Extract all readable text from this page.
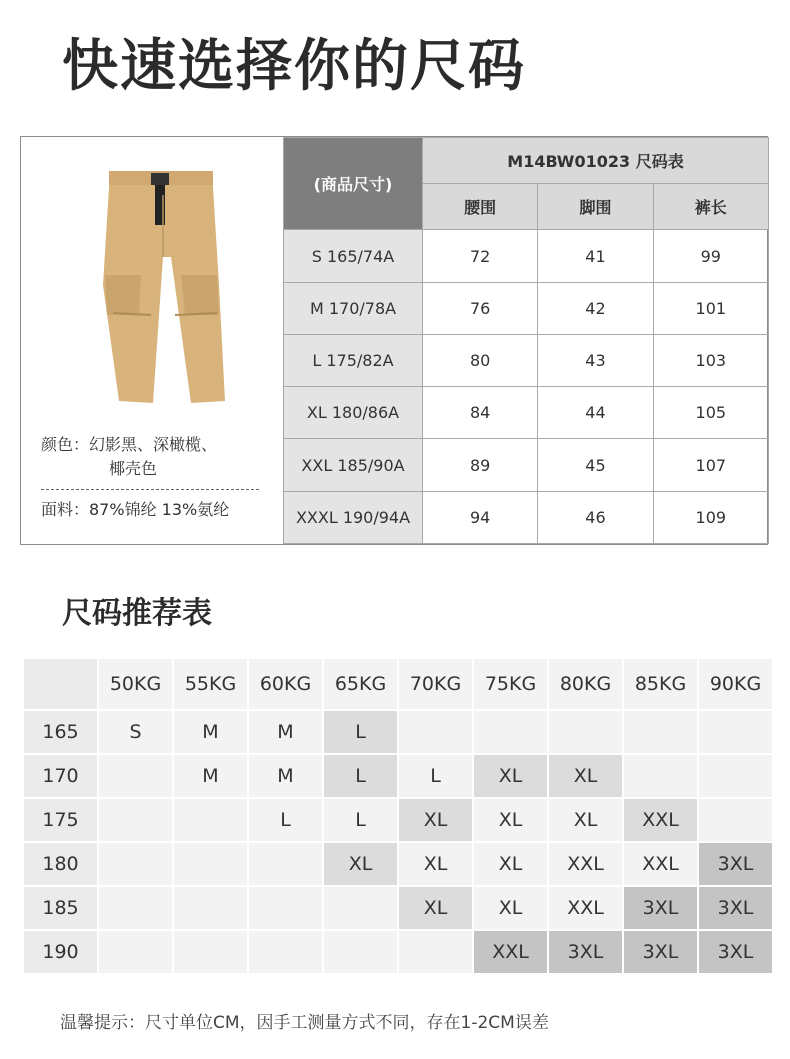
快速选择你的尺码
颜色：幻影黑、深橄榄、
椰壳色
面料：87%锦纶 13%氨纶
(商品尺寸)	M14BW01023 尺码表		
	腰围	脚围	裤长
S 165/74A	72	41	99
M 170/78A	76	42	101
L 175/82A	80	43	103
XL 180/86A	84	44	105
XXL 185/90A	89	45	107
XXXL 190/94A	94	46	109
尺码推荐表
	50KG	55KG	60KG	65KG	70KG	75KG	80KG	85KG	90KG
165	S	M	M	L					
170		M	M	L	L	XL	XL		
175			L	L	XL	XL	XL	XXL	
180				XL	XL	XL	XXL	XXL	3XL
185					XL	XL	XXL	3XL	3XL
190						XXL	3XL	3XL	3XL
温馨提示：尺寸单位CM，因手工测量方式不同，存在1-2CM误差
